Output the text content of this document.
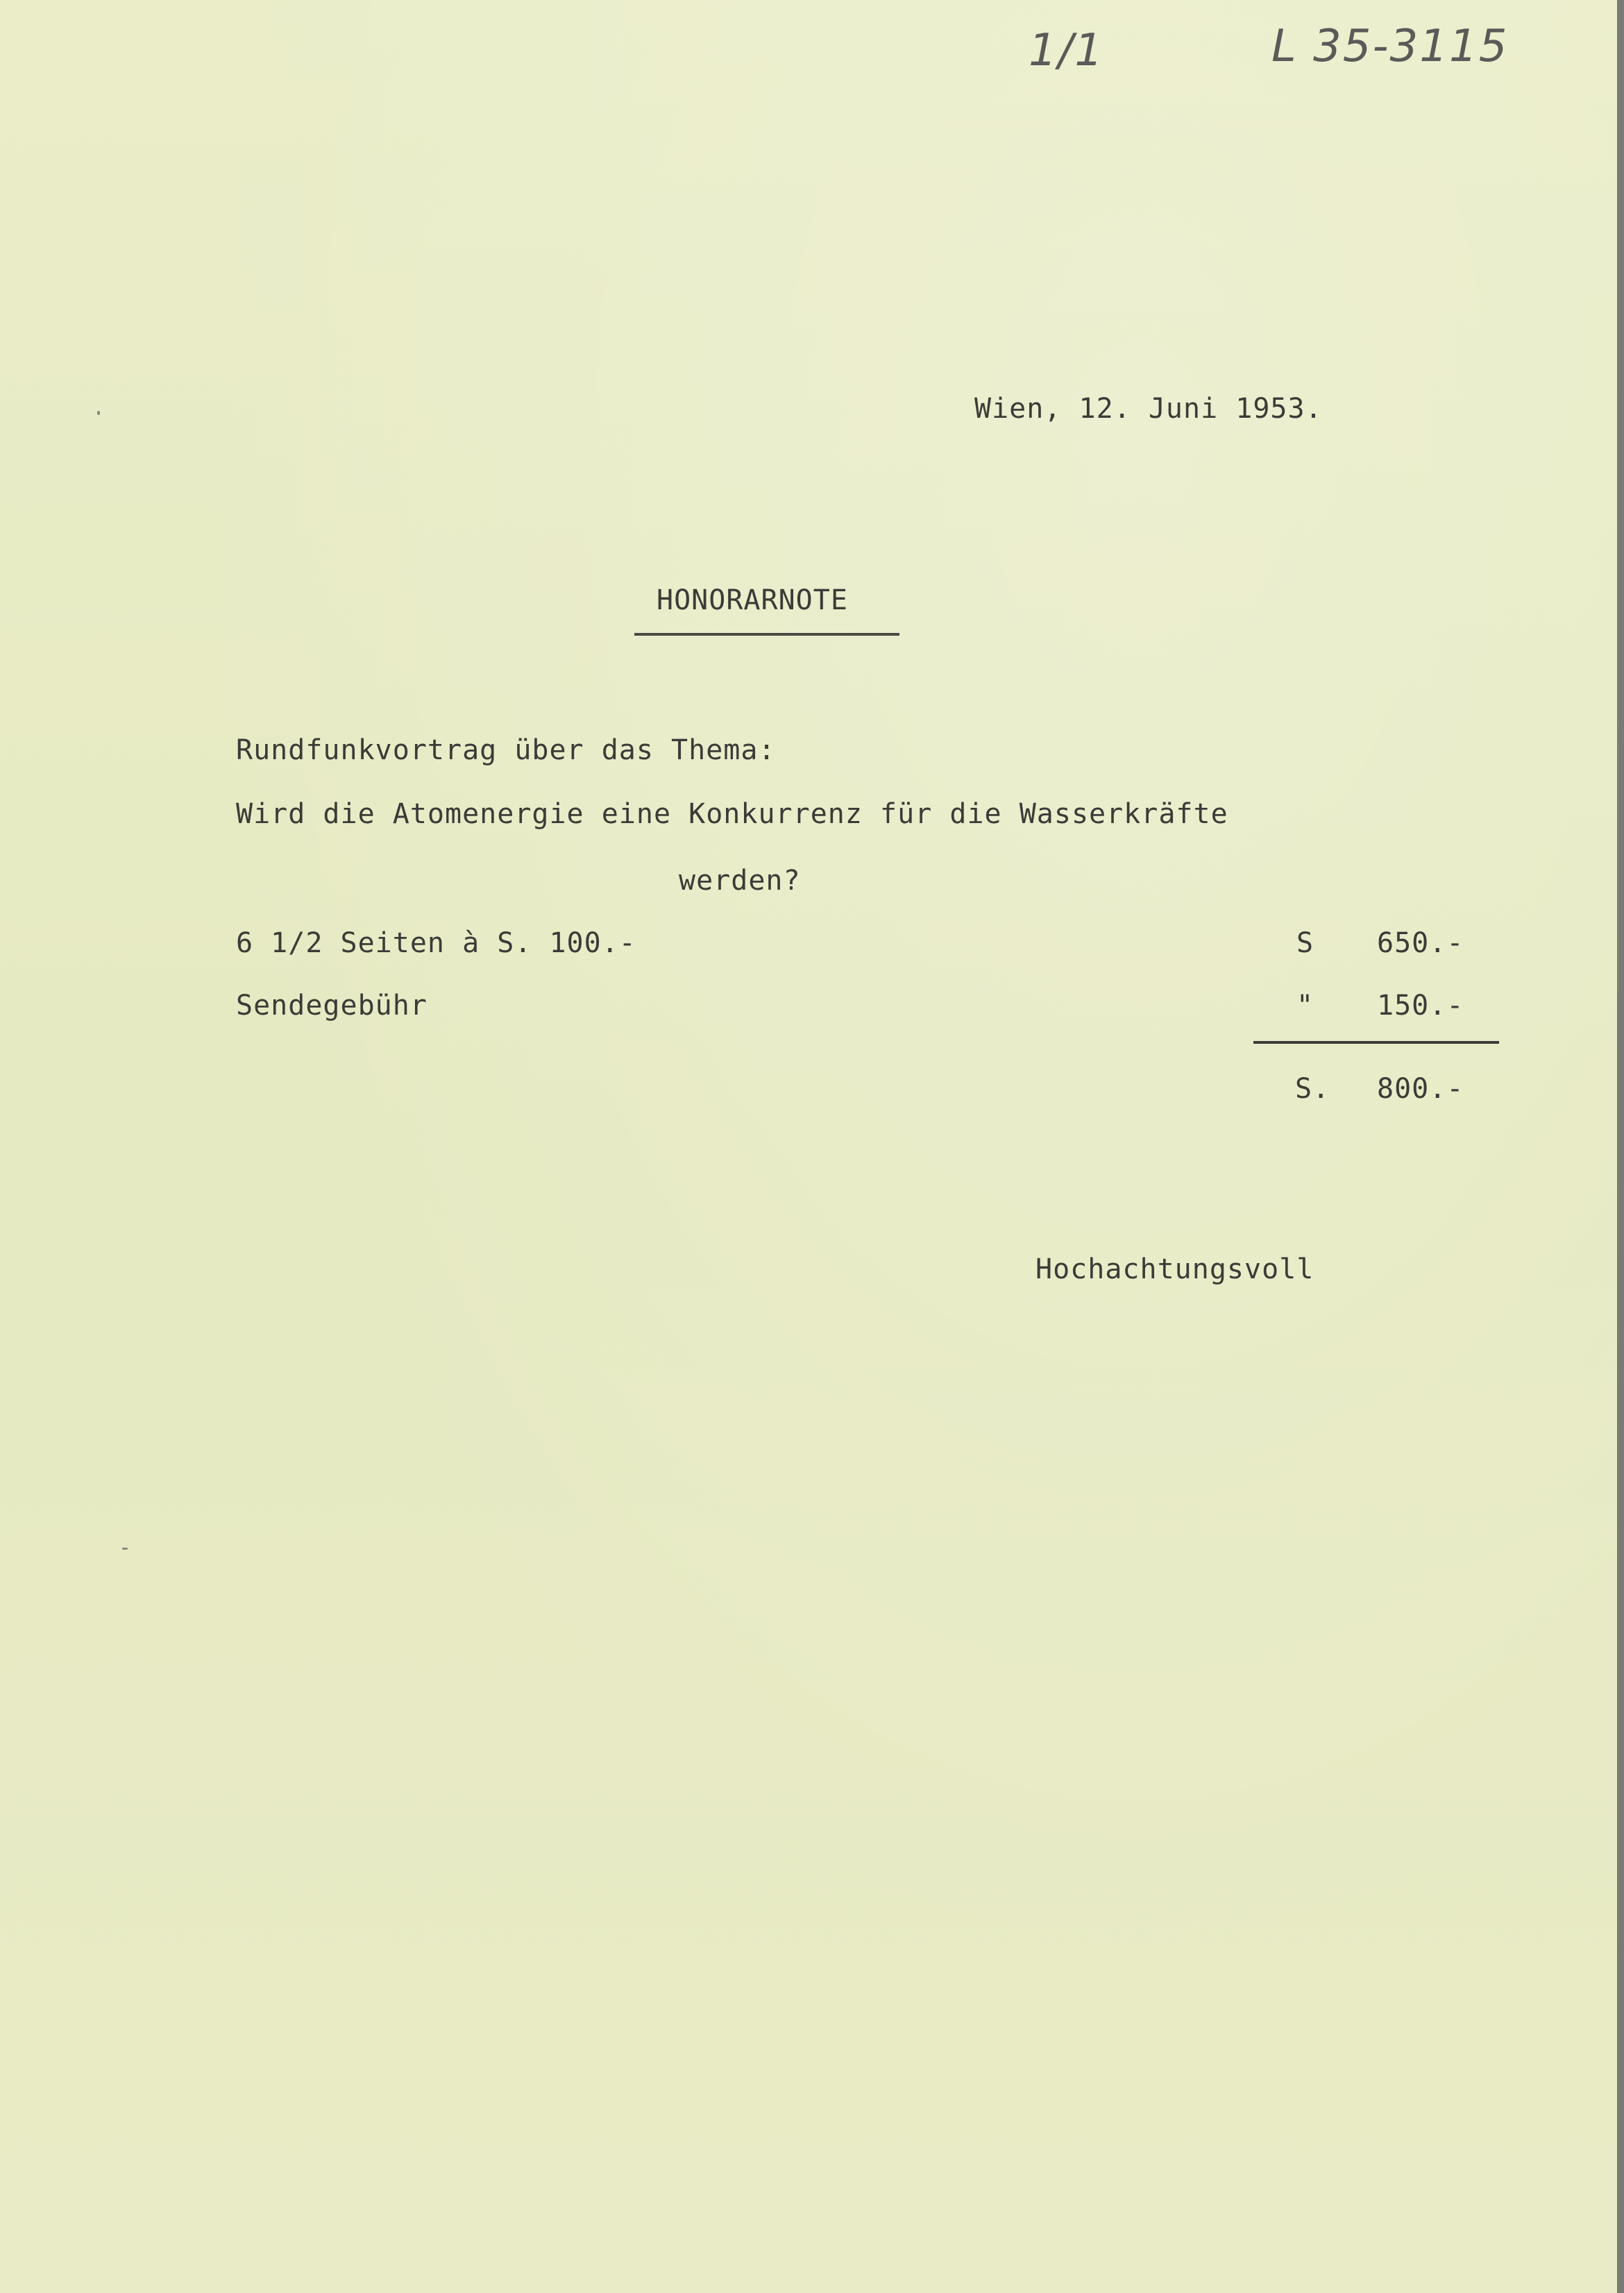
1/1	L 35-3115
Wien, 12. Juni 1953.
HONORARNOTE
Rundfunkvortrag über das Thema:
Wird die Atomenergie eine Konkurrenz für die Wasserkräfte
werden?
6 1/2 Seiten à S. 100.-	S 650.-
Sendegebühr	" 150.-
S. 800.-
Hochachtungsvoll
